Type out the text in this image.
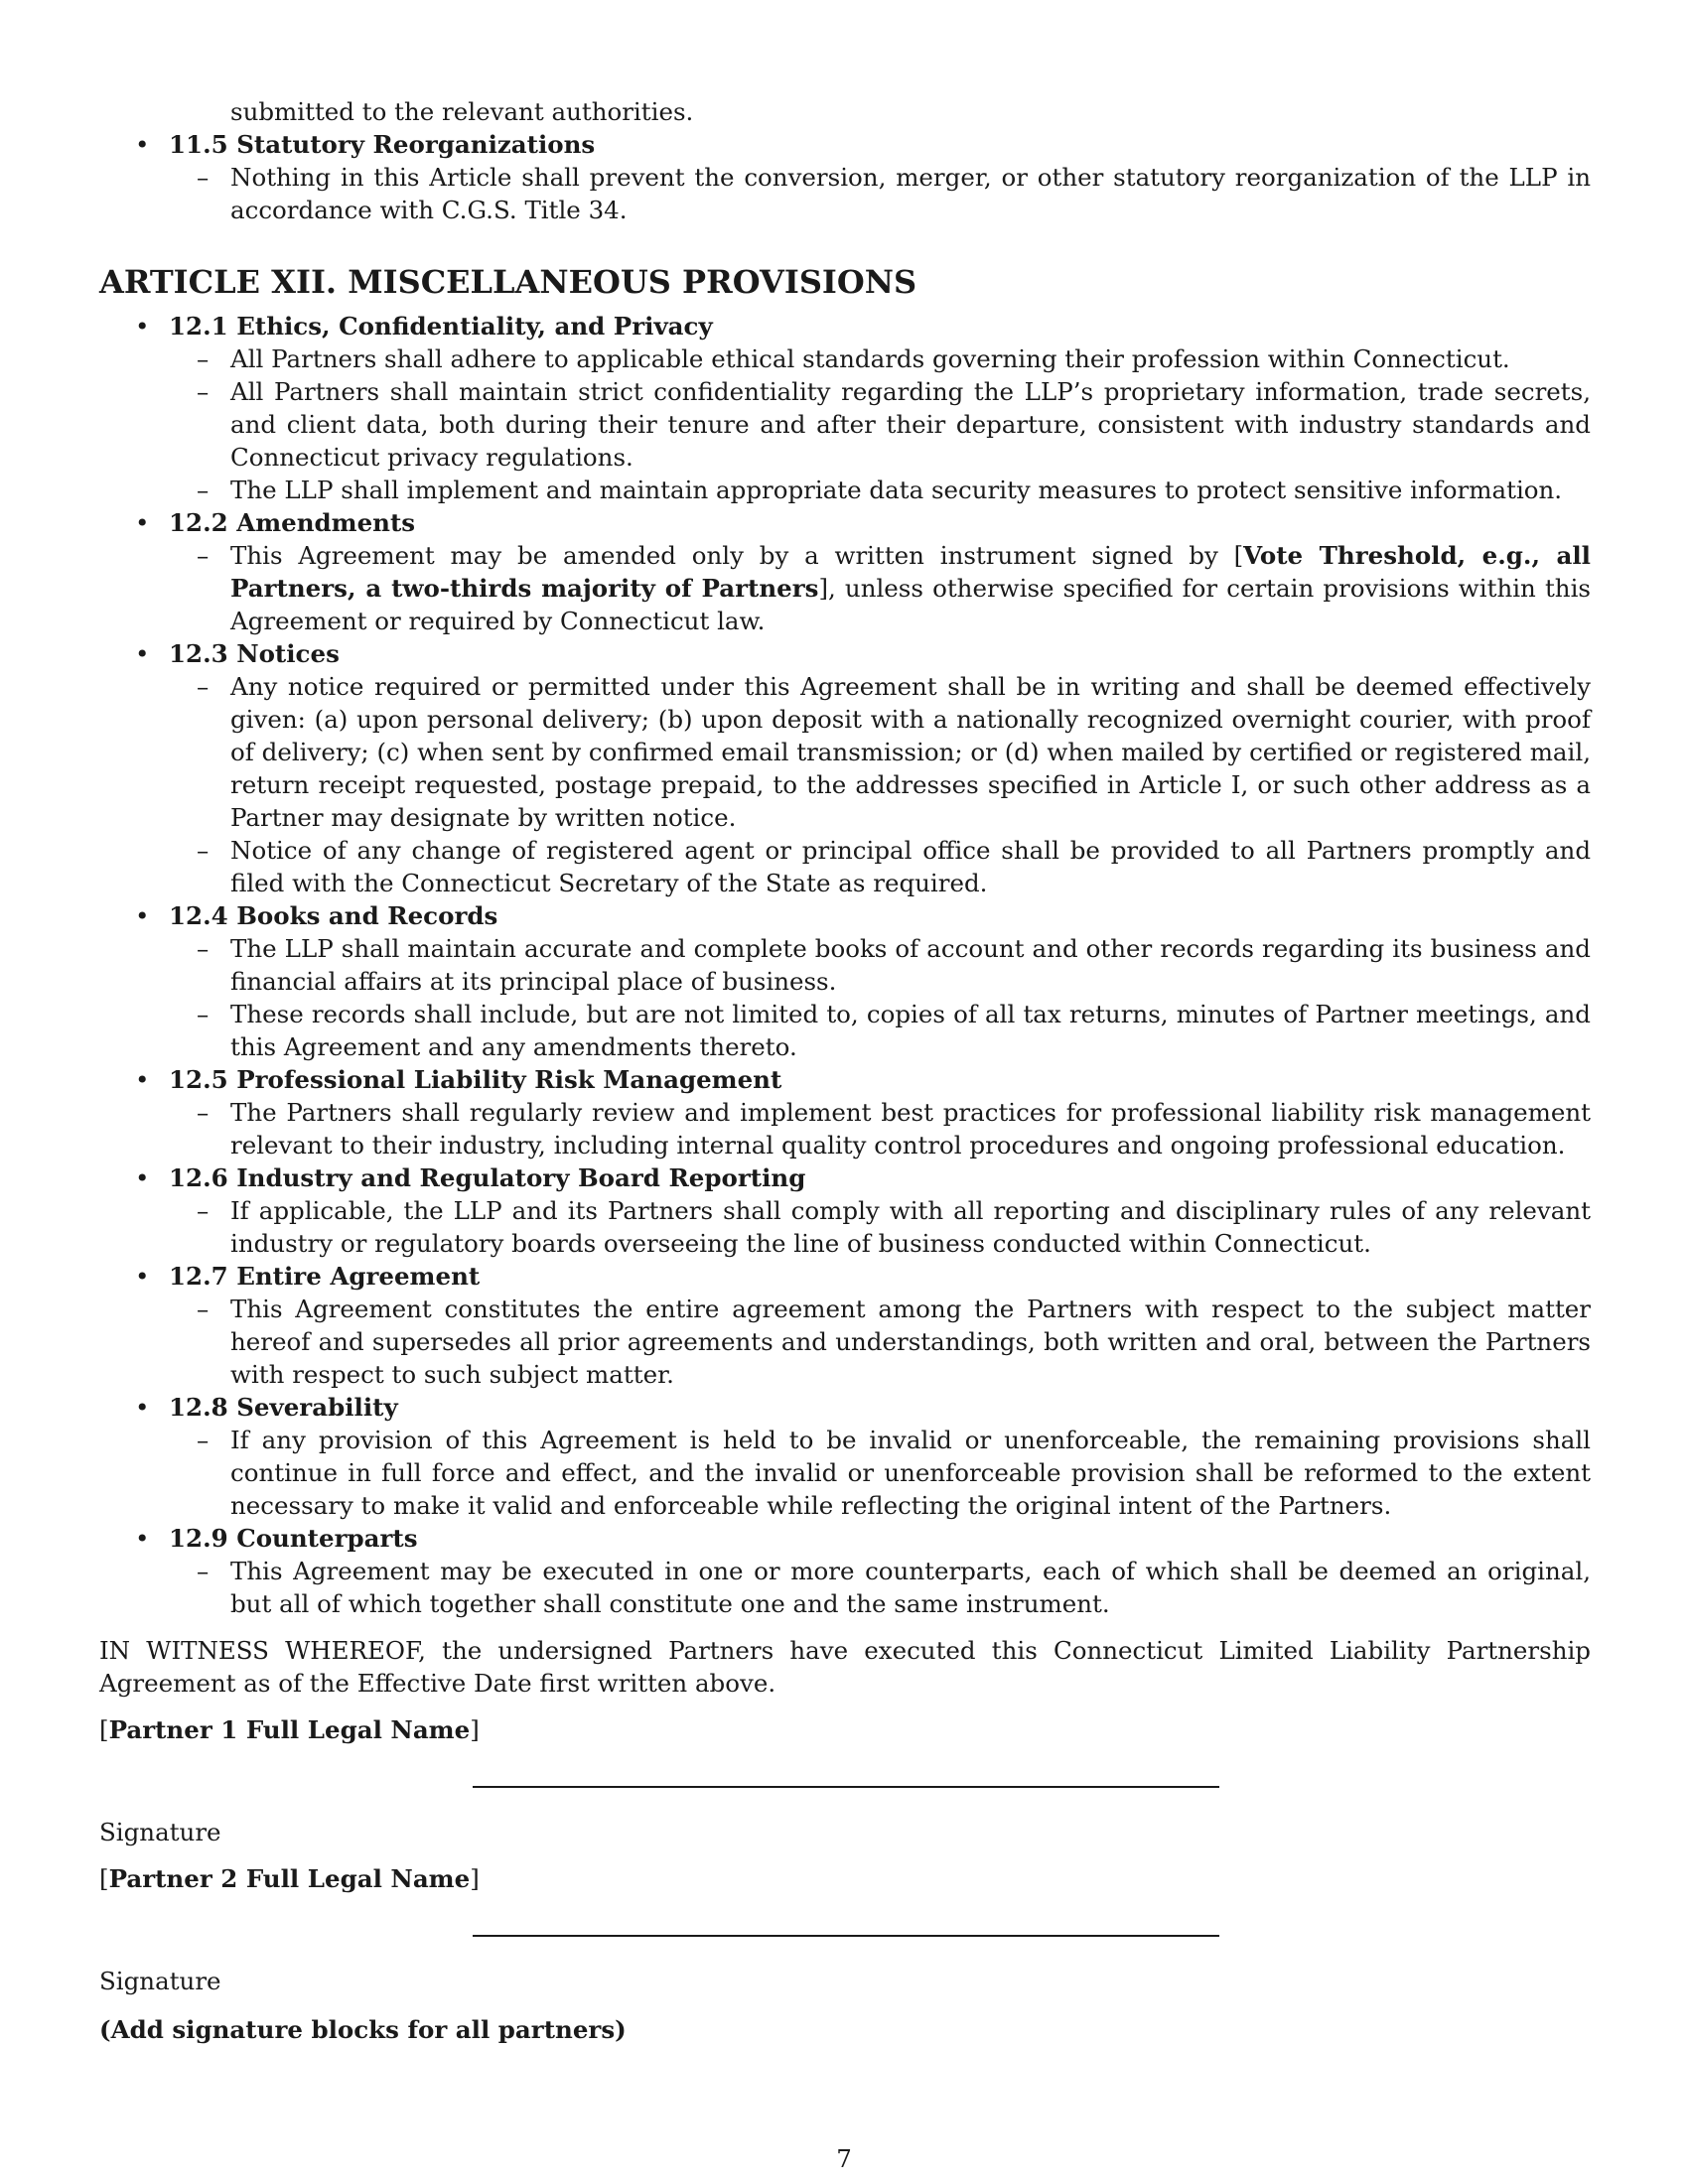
submitted to the relevant authorities.
• 11.5 Statutory Reorganizations
– Nothing in this Article shall prevent the conversion, merger, or other statutory reorganization of the LLP in accordance with C.G.S. Title 34.
ARTICLE XII. MISCELLANEOUS PROVISIONS
• 12.1 Ethics, Confidentiality, and Privacy
– All Partners shall adhere to applicable ethical standards governing their profession within Connecticut.
– All Partners shall maintain strict confidentiality regarding the LLP’s proprietary information, trade secrets, and client data, both during their tenure and after their departure, consistent with industry standards and Connecticut privacy regulations.
– The LLP shall implement and maintain appropriate data security measures to protect sensitive information.
• 12.2 Amendments
– This Agreement may be amended only by a written instrument signed by [Vote Threshold, e.g., all Partners, a two-thirds majority of Partners], unless otherwise specified for certain provisions within this Agreement or required by Connecticut law.
• 12.3 Notices
– Any notice required or permitted under this Agreement shall be in writing and shall be deemed effectively given: (a) upon personal delivery; (b) upon deposit with a nationally recognized overnight courier, with proof of delivery; (c) when sent by confirmed email transmission; or (d) when mailed by certified or registered mail, return receipt requested, postage prepaid, to the addresses specified in Article I, or such other address as a Partner may designate by written notice.
– Notice of any change of registered agent or principal office shall be provided to all Partners promptly and filed with the Connecticut Secretary of the State as required.
• 12.4 Books and Records
– The LLP shall maintain accurate and complete books of account and other records regarding its business and financial affairs at its principal place of business.
– These records shall include, but are not limited to, copies of all tax returns, minutes of Partner meetings, and this Agreement and any amendments thereto.
• 12.5 Professional Liability Risk Management
– The Partners shall regularly review and implement best practices for professional liability risk management relevant to their industry, including internal quality control procedures and ongoing professional education.
• 12.6 Industry and Regulatory Board Reporting
– If applicable, the LLP and its Partners shall comply with all reporting and disciplinary rules of any relevant industry or regulatory boards overseeing the line of business conducted within Connecticut.
• 12.7 Entire Agreement
– This Agreement constitutes the entire agreement among the Partners with respect to the subject matter hereof and supersedes all prior agreements and understandings, both written and oral, between the Partners with respect to such subject matter.
• 12.8 Severability
– If any provision of this Agreement is held to be invalid or unenforceable, the remaining provisions shall continue in full force and effect, and the invalid or unenforceable provision shall be reformed to the extent necessary to make it valid and enforceable while reflecting the original intent of the Partners.
• 12.9 Counterparts
– This Agreement may be executed in one or more counterparts, each of which shall be deemed an original, but all of which together shall constitute one and the same instrument.

IN WITNESS WHEREOF, the undersigned Partners have executed this Connecticut Limited Liability Partnership Agreement as of the Effective Date first written above.

[Partner 1 Full Legal Name]
Signature
[Partner 2 Full Legal Name]
Signature
(Add signature blocks for all partners)
7
